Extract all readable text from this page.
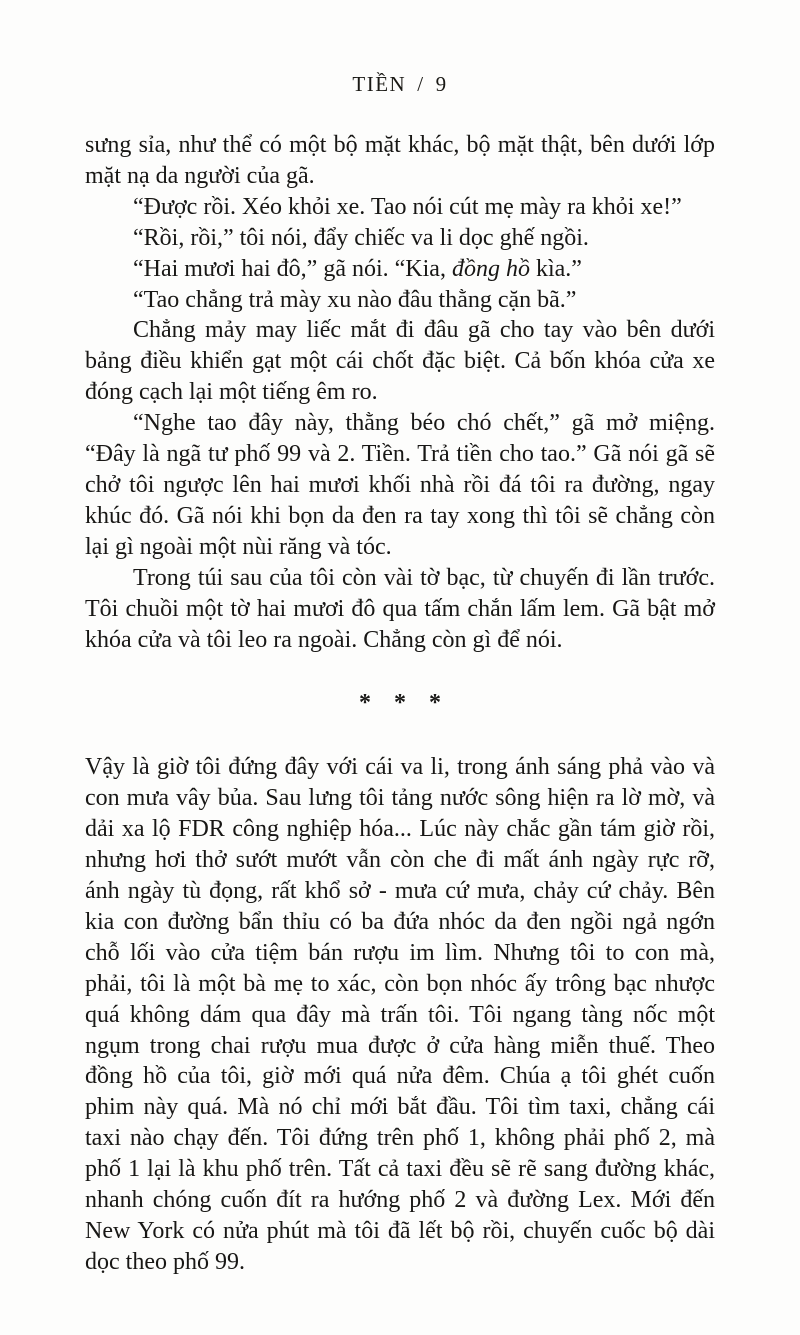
TIỀN / 9
sưng sỉa, như thể có một bộ mặt khác, bộ mặt thật, bên dưới lớp
mặt nạ da người của gã.
“Được rồi. Xéo khỏi xe. Tao nói cút mẹ mày ra khỏi xe!”
“Rồi, rồi,” tôi nói, đẩy chiếc va li dọc ghế ngồi.
“Hai mươi hai đô,” gã nói. “Kia, đồng hồ kìa.”
“Tao chẳng trả mày xu nào đâu thằng cặn bã.”
Chẳng mảy may liếc mắt đi đâu gã cho tay vào bên dưới
bảng điều khiển gạt một cái chốt đặc biệt. Cả bốn khóa cửa xe
đóng cạch lại một tiếng êm ro.
“Nghe tao đây này, thằng béo chó chết,” gã mở miệng.
“Đây là ngã tư phố 99 và 2. Tiền. Trả tiền cho tao.” Gã nói gã sẽ
chở tôi ngược lên hai mươi khối nhà rồi đá tôi ra đường, ngay
khúc đó. Gã nói khi bọn da đen ra tay xong thì tôi sẽ chẳng còn
lại gì ngoài một nùi răng và tóc.
Trong túi sau của tôi còn vài tờ bạc, từ chuyến đi lần trước.
Tôi chuồi một tờ hai mươi đô qua tấm chắn lấm lem. Gã bật mở
khóa cửa và tôi leo ra ngoài. Chẳng còn gì để nói.
* * *
Vậy là giờ tôi đứng đây với cái va li, trong ánh sáng phả vào và
con mưa vây bủa. Sau lưng tôi tảng nước sông hiện ra lờ mờ, và
dải xa lộ FDR công nghiệp hóa... Lúc này chắc gần tám giờ rồi,
nhưng hơi thở sướt mướt vẫn còn che đi mất ánh ngày rực rỡ,
ánh ngày tù đọng, rất khổ sở - mưa cứ mưa, chảy cứ chảy. Bên
kia con đường bẩn thỉu có ba đứa nhóc da đen ngồi ngả ngớn
chỗ lối vào cửa tiệm bán rượu im lìm. Nhưng tôi to con mà,
phải, tôi là một bà mẹ to xác, còn bọn nhóc ấy trông bạc nhược
quá không dám qua đây mà trấn tôi. Tôi ngang tàng nốc một
ngụm trong chai rượu mua được ở cửa hàng miễn thuế. Theo
đồng hồ của tôi, giờ mới quá nửa đêm. Chúa ạ tôi ghét cuốn
phim này quá. Mà nó chỉ mới bắt đầu. Tôi tìm taxi, chẳng cái
taxi nào chạy đến. Tôi đứng trên phố 1, không phải phố 2, mà
phố 1 lại là khu phố trên. Tất cả taxi đều sẽ rẽ sang đường khác,
nhanh chóng cuốn đít ra hướng phố 2 và đường Lex. Mới đến
New York có nửa phút mà tôi đã lết bộ rồi, chuyến cuốc bộ dài
dọc theo phố 99.
